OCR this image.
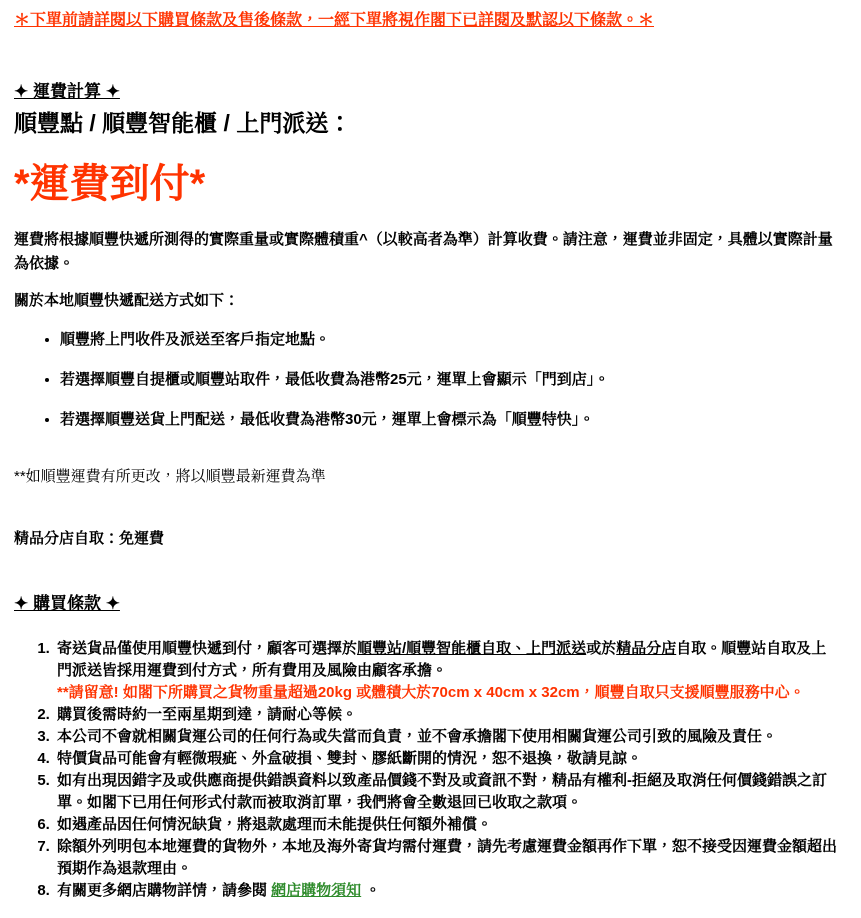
＊下單前請詳閱以下購買條款及售後條款，一經下單將視作閣下已詳閱及默認以下條款。＊

✦ 運費計算 ✦
順豐點 / 順豐智能櫃 / 上門派送：
*運費到付*

運費將根據順豐快遞所測得的實際重量或實際體積重^（以較高者為準）計算收費。請注意，運費並非固定，具體以實際計量為依據。

關於本地順豐快遞配送方式如下：

• 順豐將上門收件及派送至客戶指定地點。
• 若選擇順豐自提櫃或順豐站取件，最低收費為港幣25元，運單上會顯示「門到店」。
• 若選擇順豐送貨上門配送，最低收費為港幣30元，運單上會標示為「順豐特快」。

**如順豐運費有所更改，將以順豐最新運費為準

精品分店自取：免運費

✦ 購買條款 ✦
1. 寄送貨品僅使用順豐快遞到付，顧客可選擇於順豐站/順豐智能櫃自取、上門派送或於精品分店自取。順豐站自取及上門派送皆採用運費到付方式，所有費用及風險由顧客承擔。
**請留意! 如閣下所購買之貨物重量超過20kg 或體積大於70cm x 40cm x 32cm，順豐自取只支援順豐服務中心。
2. 購買後需時約一至兩星期到達，請耐心等候。
3. 本公司不會就相關貨運公司的任何行為或失當而負責，並不會承擔閣下使用相關貨運公司引致的風險及責任。
4. 特價貨品可能會有輕微瑕疵、外盒破損、雙封、膠紙斷開的情況，恕不退換，敬請見諒。
5. 如有出現因錯字及或供應商提供錯誤資料以致產品價錢不對及或資訊不對，精品有權利-拒絕及取消任何價錢錯誤之訂單。如閣下已用任何形式付款而被取消訂單，我們將會全數退回已收取之款項。
6. 如遇產品因任何情況缺貨，將退款處理而未能提供任何額外補償。
7. 除額外列明包本地運費的貨物外，本地及海外寄貨均需付運費，請先考慮運費金額再作下單，恕不接受因運費金額超出預期作為退款理由。
8. 有關更多網店購物詳情，請參閱 網店購物須知 。
